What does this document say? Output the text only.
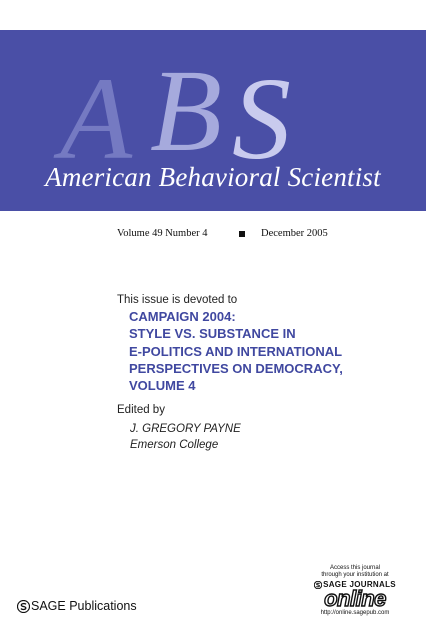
A B S
American Behavioral Scientist
Volume 49 Number 4	December 2005
This issue is devoted to
CAMPAIGN 2004:
STYLE VS. SUBSTANCE IN
E-POLITICS AND INTERNATIONAL
PERSPECTIVES ON DEMOCRACY,
VOLUME 4
Edited by
J. GREGORY PAYNE
Emerson College
SAGE Publications
Access this journal
through your institution at
SAGE JOURNALS
online
http://online.sagepub.com
